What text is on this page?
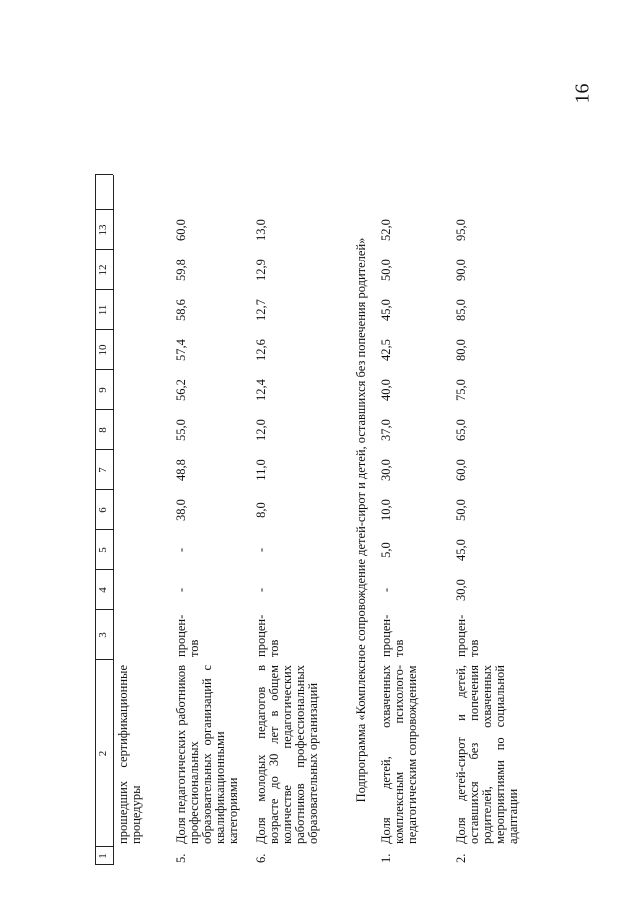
16
1
2
3
4
5
6
7
8
9
10
11
12
13
прошедших сертификационные процедуры
5.
Доля педагогических работников профессиональных образовательных организаций с квалификационными категориями
процен-тов
-
-
38,0
48,8
55,0
56,2
57,4
58,6
59,8
60,0
6.
Доля молодых педагогов в возрасте до 30 лет в общем количестве педагогических работников профессиональных образовательных организаций
процен-тов
-
-
8,0
11,0
12,0
12,4
12,6
12,7
12,9
13,0
1.
Доля детей, охваченных комплексным психолого-педагогическим сопровождением
процен-тов
-
5,0
10,0
30,0
37,0
40,0
42,5
45,0
50,0
52,0
2.
Доля детей-сирот и детей, оставшихся без попечения родителей, охваченных мероприятиями по социальной адаптации
процен-тов
30,0
45,0
50,0
60,0
65,0
75,0
80,0
85,0
90,0
95,0
Подпрограмма «Комплексное сопровождение детей-сирот и детей, оставшихся без попечения родителей»
